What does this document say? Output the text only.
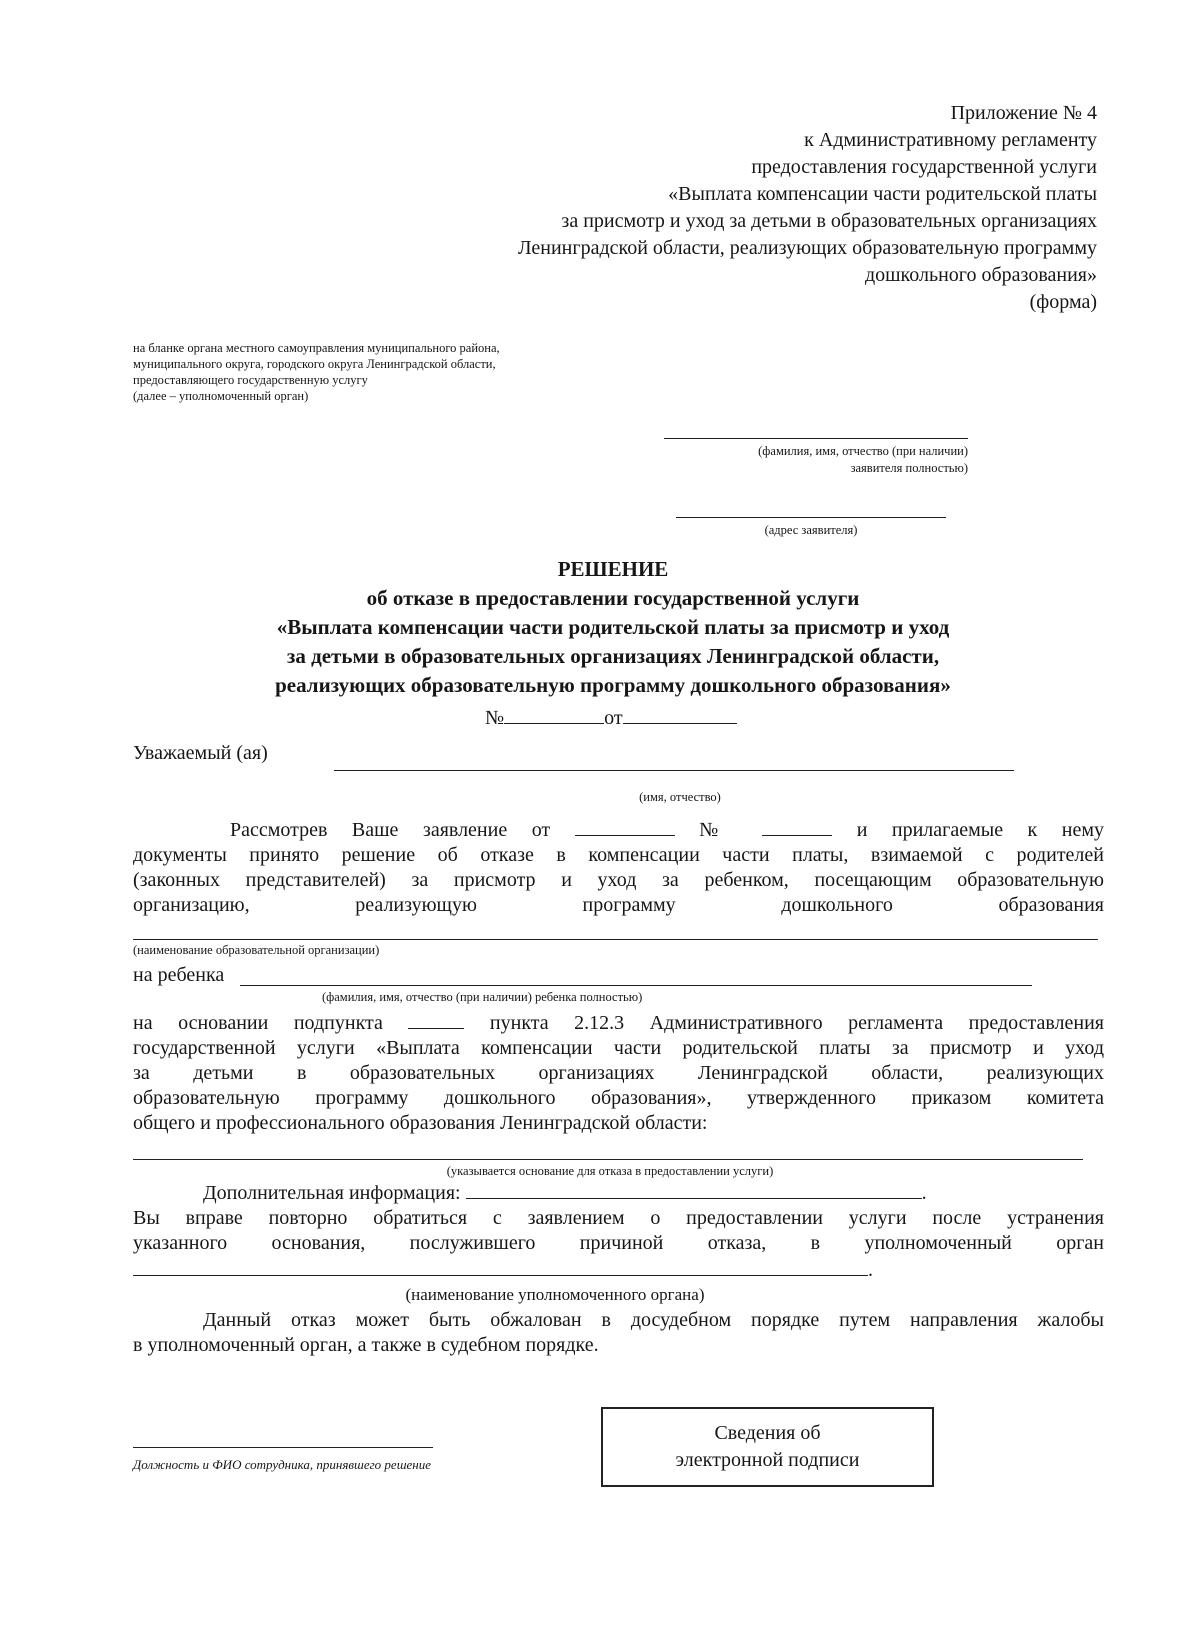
Приложение № 4
к Административному регламенту
предоставления государственной услуги
«Выплата компенсации части родительской платы
за присмотр и уход за детьми в образовательных организациях
Ленинградской области, реализующих образовательную программу
дошкольного образования»
(форма)
на бланке органа местного самоуправления муниципального района,
муниципального округа, городского округа Ленинградской области,
предоставляющего государственную услугу
(далее – уполномоченный орган)
(фамилия, имя, отчество (при наличии)
заявителя полностью)
(адрес заявителя)
РЕШЕНИЕ
об отказе в предоставлении государственной услуги
«Выплата компенсации части родительской платы за присмотр и уход
за детьми в образовательных организациях Ленинградской области,
реализующих образовательную программу дошкольного образования»
№	от
Уважаемый (ая)
(имя, отчество)
Рассмотрев Ваше заявление от	№	и прилагаемые к нему
документы принято решение об отказе в компенсации части платы, взимаемой с родителей
(законных представителей) за присмотр и уход за ребенком, посещающим образовательную
организацию, реализующую программу дошкольного образования
(наименование образовательной организации)
на ребенка
(фамилия, имя, отчество (при наличии) ребенка полностью)
на основании подпункта	пункта 2.12.3 Административного регламента предоставления
государственной услуги «Выплата компенсации части родительской платы за присмотр и уход
за детьми в образовательных организациях Ленинградской области, реализующих
образовательную программу дошкольного образования», утвержденного приказом комитета
общего и профессионального образования Ленинградской области:
(указывается основание для отказа в предоставлении услуги)
Дополнительная информация:	.
Вы вправе повторно обратиться с заявлением о предоставлении услуги после устранения
указанного основания, послужившего причиной отказа, в уполномоченный орган
.
(наименование уполномоченного органа)
Данный отказ может быть обжалован в досудебном порядке путем направления жалобы
в уполномоченный орган, а также в судебном порядке.
Должность и ФИО сотрудника, принявшего решение
Сведения об
электронной подписи
